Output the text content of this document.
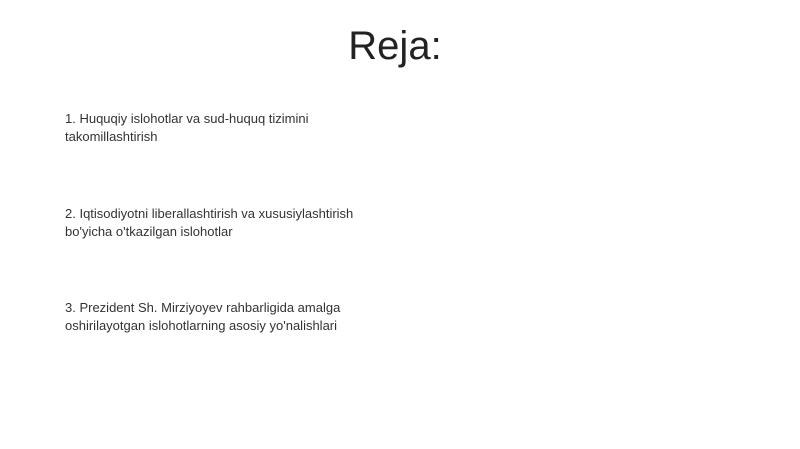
Reja:
1. Huquqiy islohotlar va sud-huquq tizimini takomillashtirish
2. Iqtisodiyotni liberallashtirish va xususiylashtirish bo'yicha o'tkazilgan islohotlar
3. Prezident Sh. Mirziyoyev rahbarligida amalga oshirilayotgan islohotlarning asosiy yo'nalishlari
